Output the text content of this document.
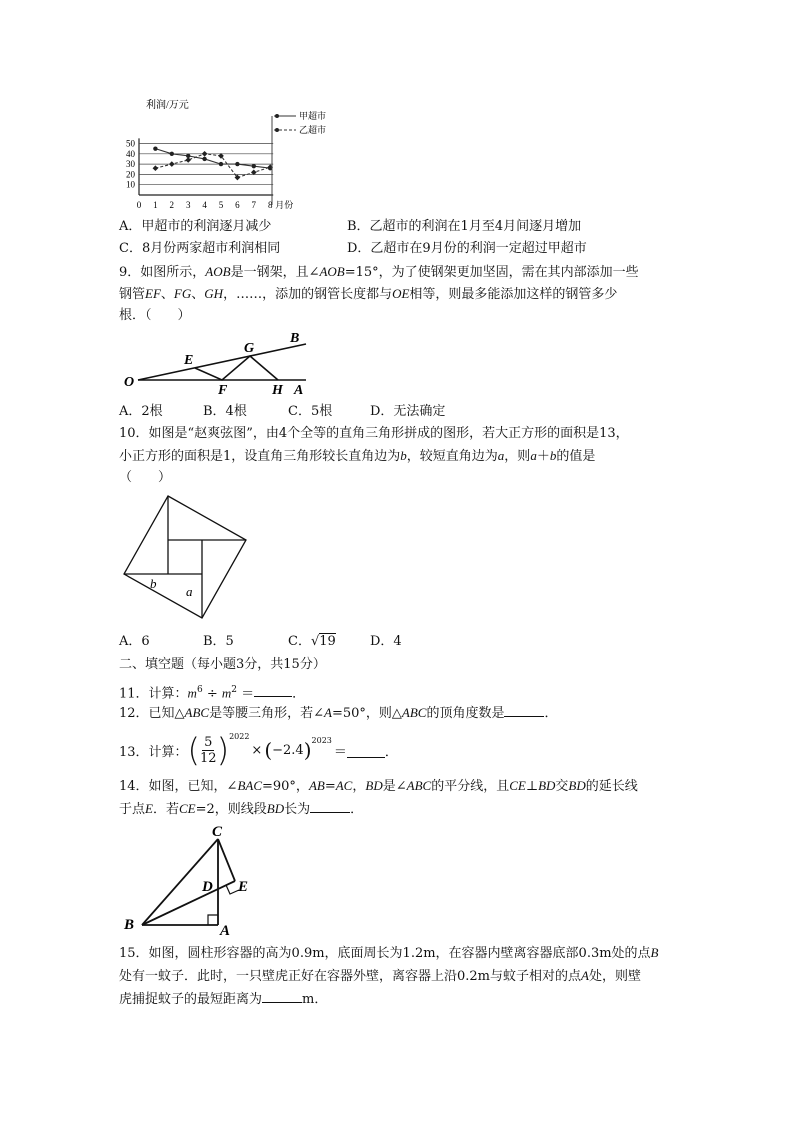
利润/万元
10
20
30
40
50
0 1 2 3 4 5 6 7 8 月份
甲超市
乙超市
A．甲超市的利润逐月减少	B．乙超市的利润在1月至4月间逐月增加
C．8月份两家超市利润相同	D．乙超市在9月份的利润一定超过甲超市
9．如图所示，AOB是一钢架，且∠AOB=15°，为了使钢架更加坚固，需在其内部添加一些
钢管EF、FG、GH，……，添加的钢管长度都与OE相等，则最多能添加这样的钢管多少
根．（　　）
O
E
F
G
H A
B
A．2根	B．4根	C．5根	D．无法确定
10．如图是“赵爽弦图”，由4个全等的直角三角形拼成的图形，若大正方形的面积是13，
小正方形的面积是1，设直角三角形较长直角边为b，较短直角边为a，则a＋b的值是
（　　）
b
a
A．6	B．5	C．√19	D．4
二、填空题（每小题3分，共15分）
11．计算：$m^6 \div m^2$ ＝	．
12．已知△ABC是等腰三角形，若∠A=50°，则△ABC的顶角度数是	．
13．计算： ( 5
12 ) 2022
× ( −2.4 ) 2023
＝	．
14．如图，已知，∠BAC=90°，AB=AC，BD是∠ABC的平分线，且CE⊥BD交BD的延长线
于点E．若CE=2，则线段BD长为	．
C
D E
B	A
15．如图，圆柱形容器的高为0.9m，底面周长为1.2m，在容器内壁离容器底部0.3m处的点B
处有一蚊子．此时，一只壁虎正好在容器外壁，离容器上沿0.2m与蚊子相对的点A处，则壁
虎捕捉蚊子的最短距离为	m．
